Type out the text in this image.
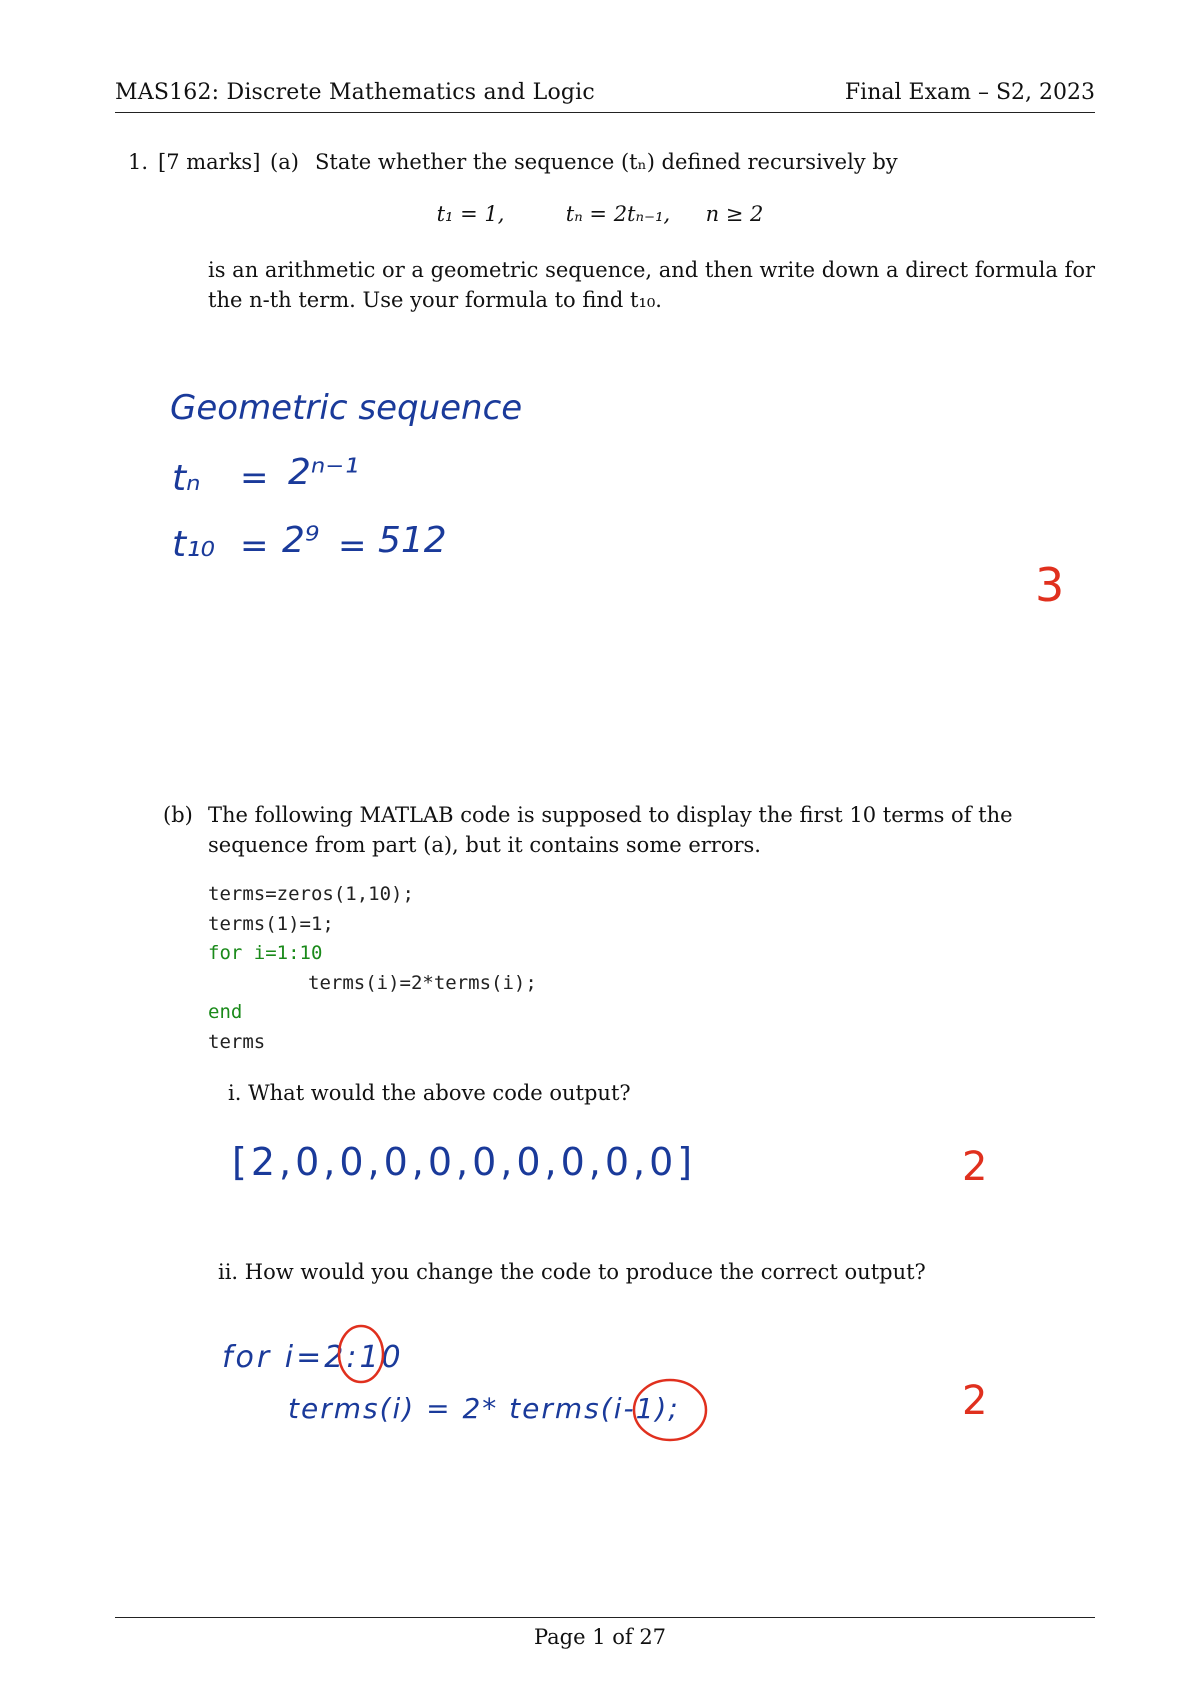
MAS162: Discrete Mathematics and Logic	Final Exam – S2, 2023
1. [7 marks] (a) State whether the sequence (tₙ) defined recursively by
t₁ = 1,	tₙ = 2tₙ₋₁, n ≥ 2
is an arithmetic or a geometric sequence, and then write down a direct formula for the n-th term. Use your formula to find t₁₀.
Geometric sequence
tₙ = 2ⁿ⁻¹
t₁₀ = 2⁹ = 512
3
(b) The following MATLAB code is supposed to display the first 10 terms of the sequence from part (a), but it contains some errors.
terms=zeros(1,10);
terms(1)=1;
for i=1:10
terms(i)=2*terms(i);
end
terms
i. What would the above code output?
[2,0,0,0,0,0,0,0,0,0]	2
ii. How would you change the code to produce the correct output?
for i=2:10
terms(i) = 2* terms(i-1);	2
Page 1 of 27
